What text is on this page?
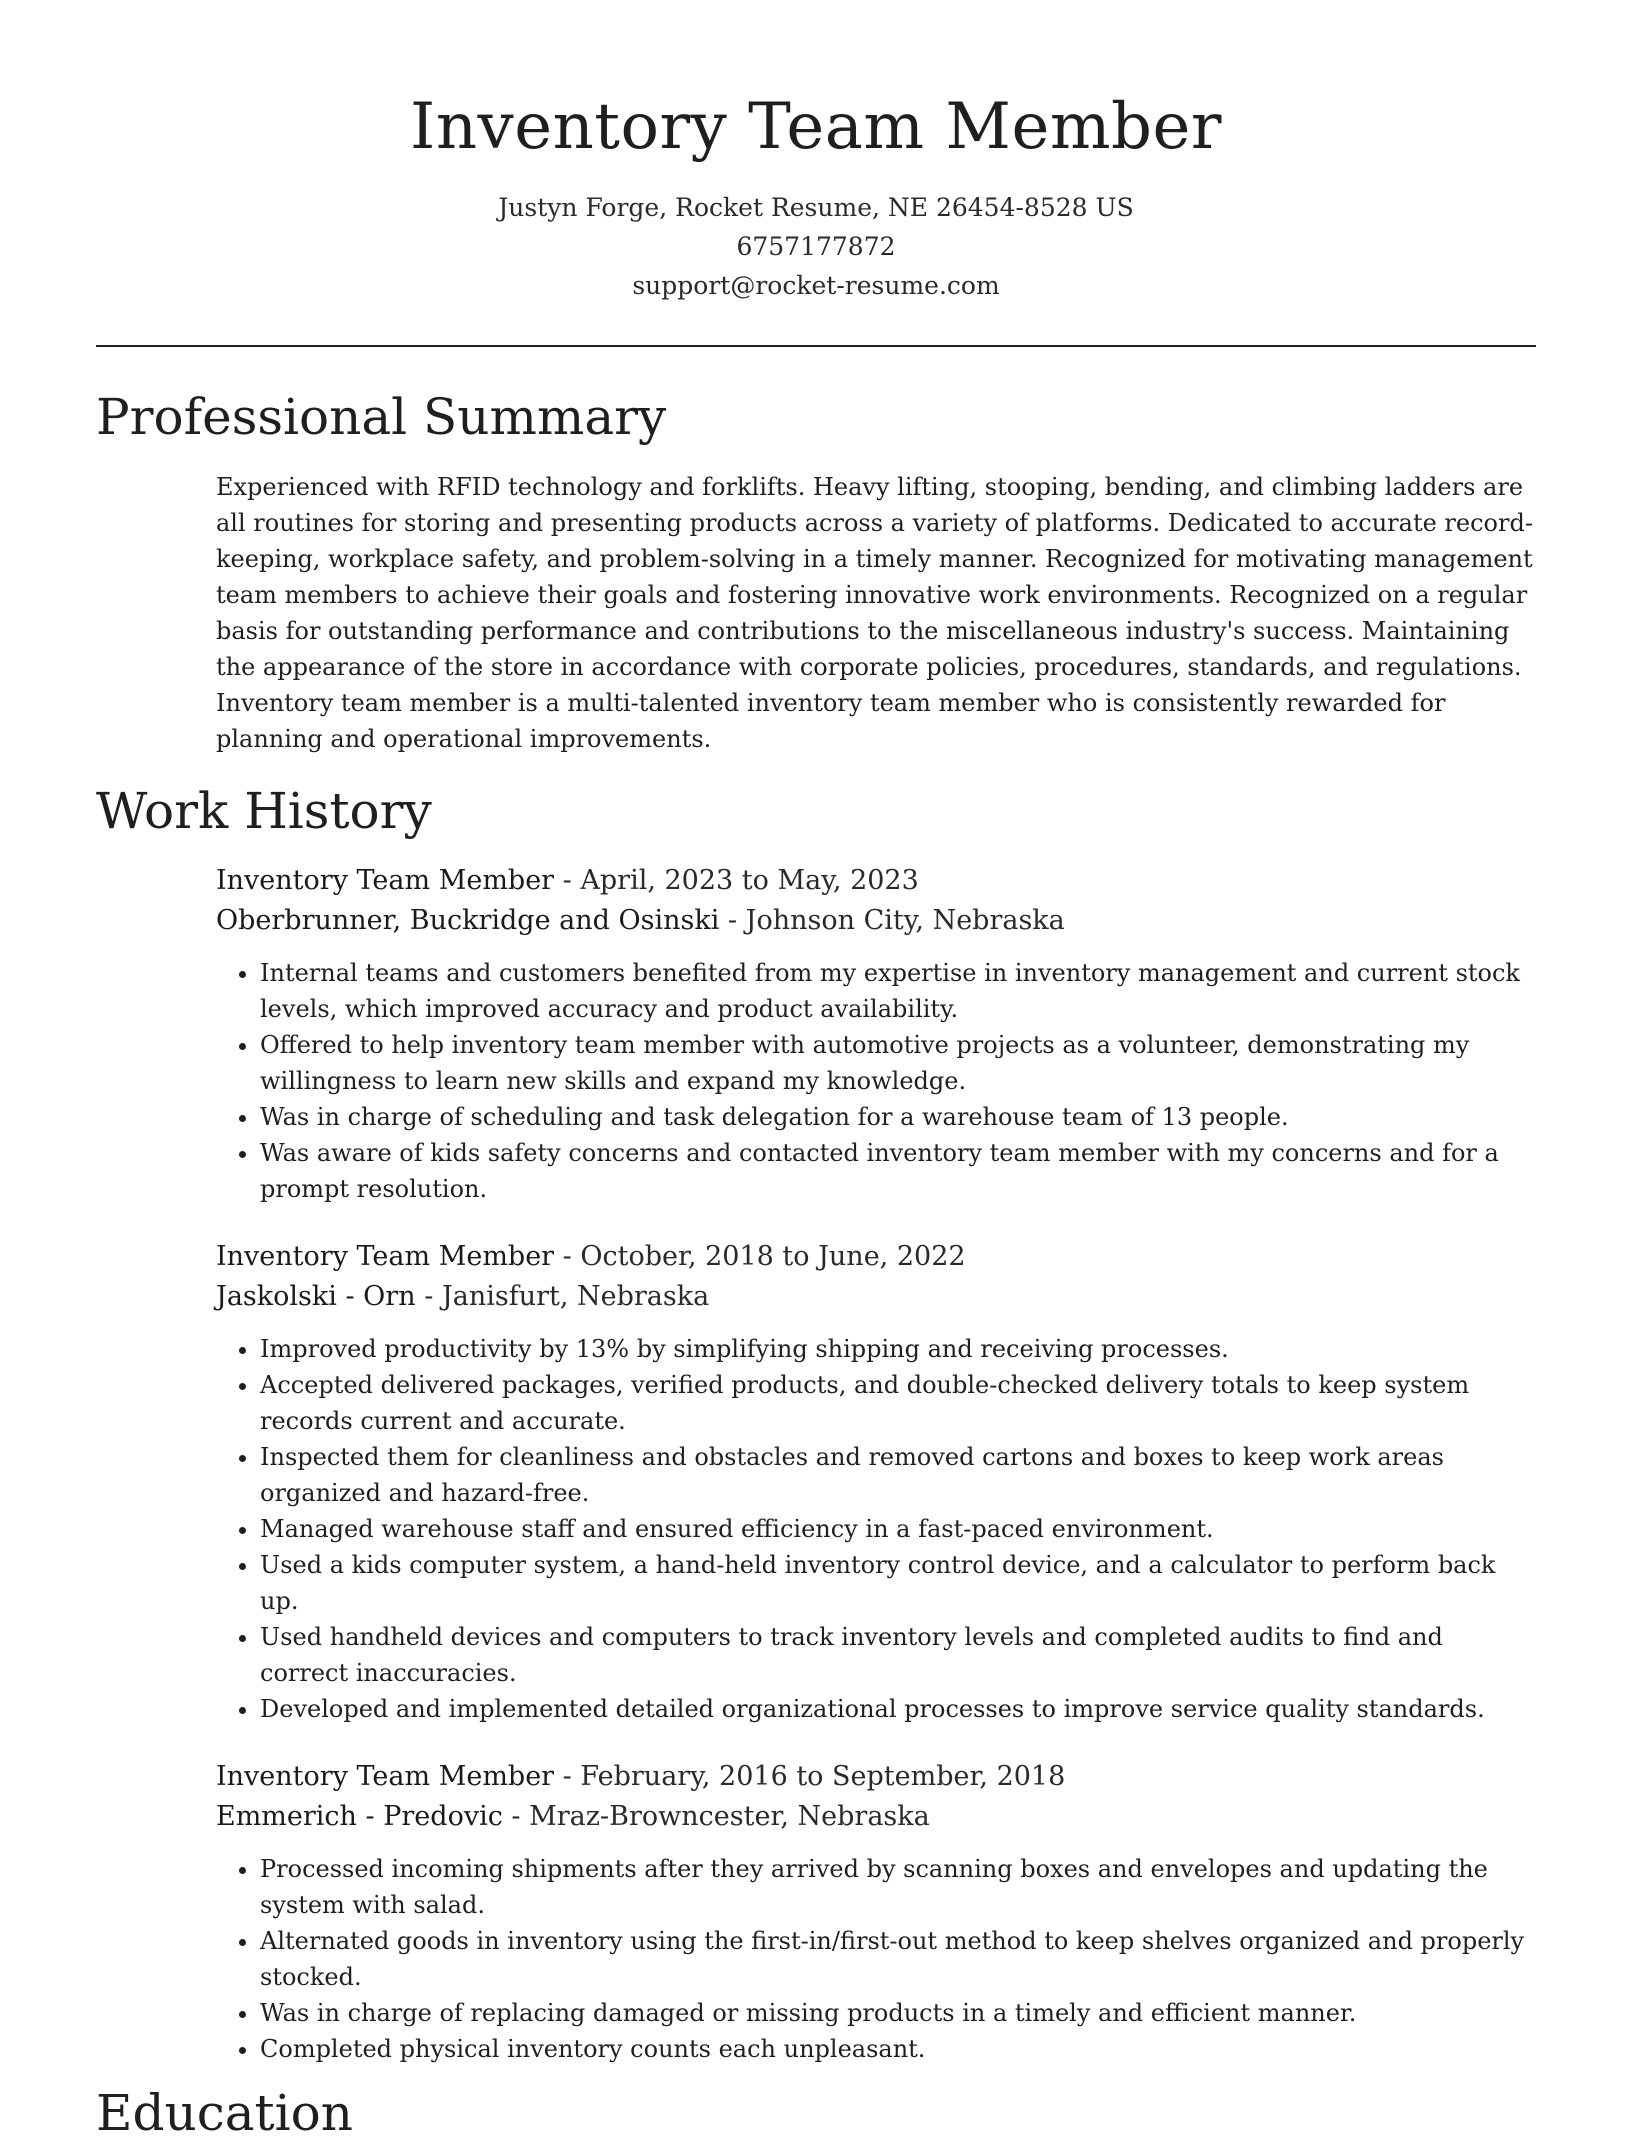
Inventory Team Member
Justyn Forge, Rocket Resume, NE 26454-8528 US
6757177872
support@rocket-resume.com
Professional Summary
Experienced with RFID technology and forklifts. Heavy lifting, stooping, bending, and climbing ladders are all routines for storing and presenting products across a variety of platforms. Dedicated to accurate record-keeping, workplace safety, and problem-solving in a timely manner. Recognized for motivating management team members to achieve their goals and fostering innovative work environments. Recognized on a regular basis for outstanding performance and contributions to the miscellaneous industry's success. Maintaining the appearance of the store in accordance with corporate policies, procedures, standards, and regulations. Inventory team member is a multi-talented inventory team member who is consistently rewarded for planning and operational improvements.
Work History
Inventory Team Member - April, 2023 to May, 2023
Oberbrunner, Buckridge and Osinski - Johnson City, Nebraska
• Internal teams and customers benefited from my expertise in inventory management and current stock levels, which improved accuracy and product availability.
• Offered to help inventory team member with automotive projects as a volunteer, demonstrating my willingness to learn new skills and expand my knowledge.
• Was in charge of scheduling and task delegation for a warehouse team of 13 people.
• Was aware of kids safety concerns and contacted inventory team member with my concerns and for a prompt resolution.
Inventory Team Member - October, 2018 to June, 2022
Jaskolski - Orn - Janisfurt, Nebraska
• Improved productivity by 13% by simplifying shipping and receiving processes.
• Accepted delivered packages, verified products, and double-checked delivery totals to keep system records current and accurate.
• Inspected them for cleanliness and obstacles and removed cartons and boxes to keep work areas organized and hazard-free.
• Managed warehouse staff and ensured efficiency in a fast-paced environment.
• Used a kids computer system, a hand-held inventory control device, and a calculator to perform back up.
• Used handheld devices and computers to track inventory levels and completed audits to find and correct inaccuracies.
• Developed and implemented detailed organizational processes to improve service quality standards.
Inventory Team Member - February, 2016 to September, 2018
Emmerich - Predovic - Mraz-Browncester, Nebraska
• Processed incoming shipments after they arrived by scanning boxes and envelopes and updating the system with salad.
• Alternated goods in inventory using the first-in/first-out method to keep shelves organized and properly stocked.
• Was in charge of replacing damaged or missing products in a timely and efficient manner.
• Completed physical inventory counts each unpleasant.
Education
